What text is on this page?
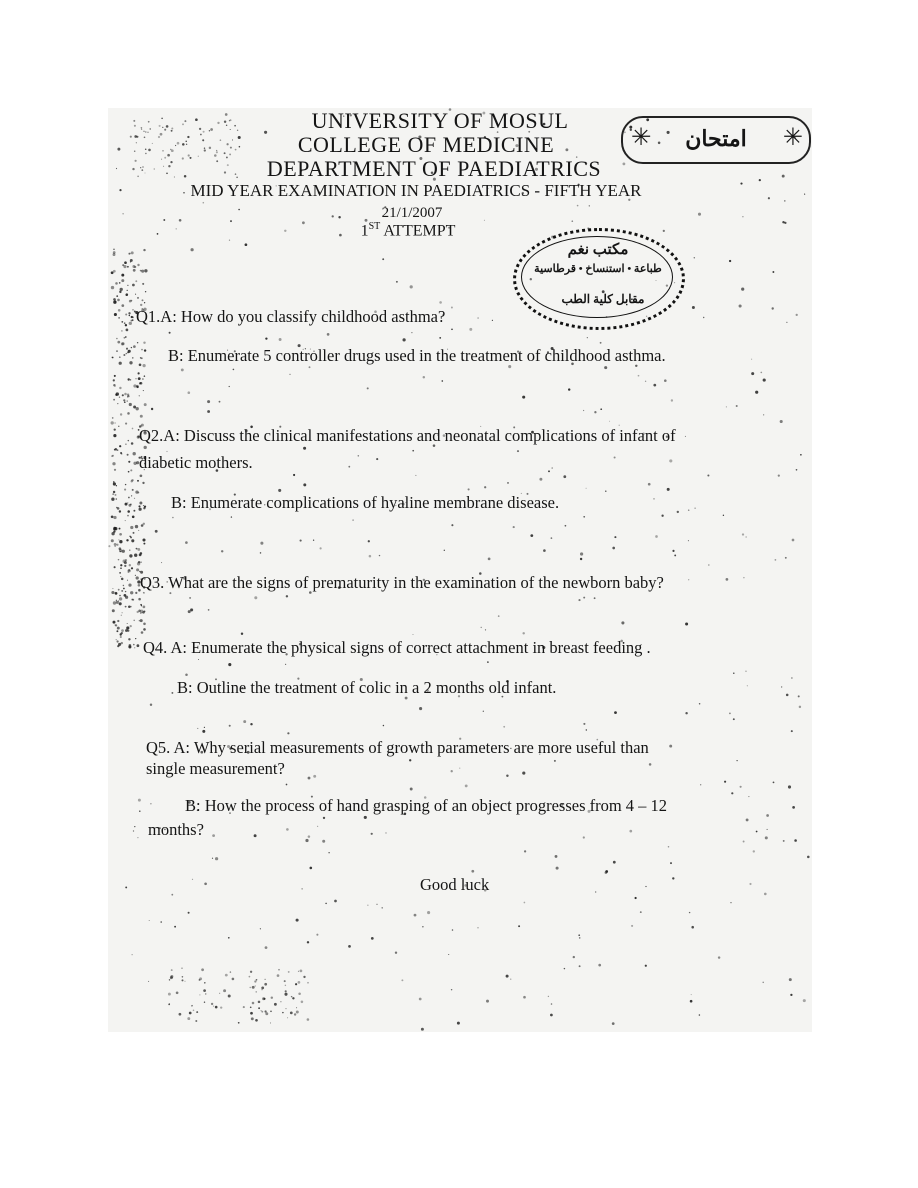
UNIVERSITY OF MOSUL
COLLEGE OF MEDICINE
DEPARTMENT OF PAEDIATRICS
MID YEAR EXAMINATION IN PAEDIATRICS - FIFTH YEAR
21/1/2007
1ST ATTEMPT
✳	امتحان	✳
مكتب نغم
طباعة • استنساخ • قرطاسية
مقابل كلية الطب
Q1.A: How do you classify childhood asthma?
B: Enumerate 5 controller drugs used in the treatment of childhood asthma.
Q2.A: Discuss the clinical manifestations and neonatal complications of infant of
diabetic mothers.
B: Enumerate complications of hyaline membrane disease.
Q3. What are the signs of prematurity in the examination of the newborn baby?
Q4. A: Enumerate the physical signs of correct attachment in breast feeding .
B: Outline the treatment of colic in a 2 months old infant.
Q5. A: Why serial measurements of growth parameters are more useful than
single measurement?
B: How the process of hand grasping of an object progresses from 4 – 12
months?
Good luck
